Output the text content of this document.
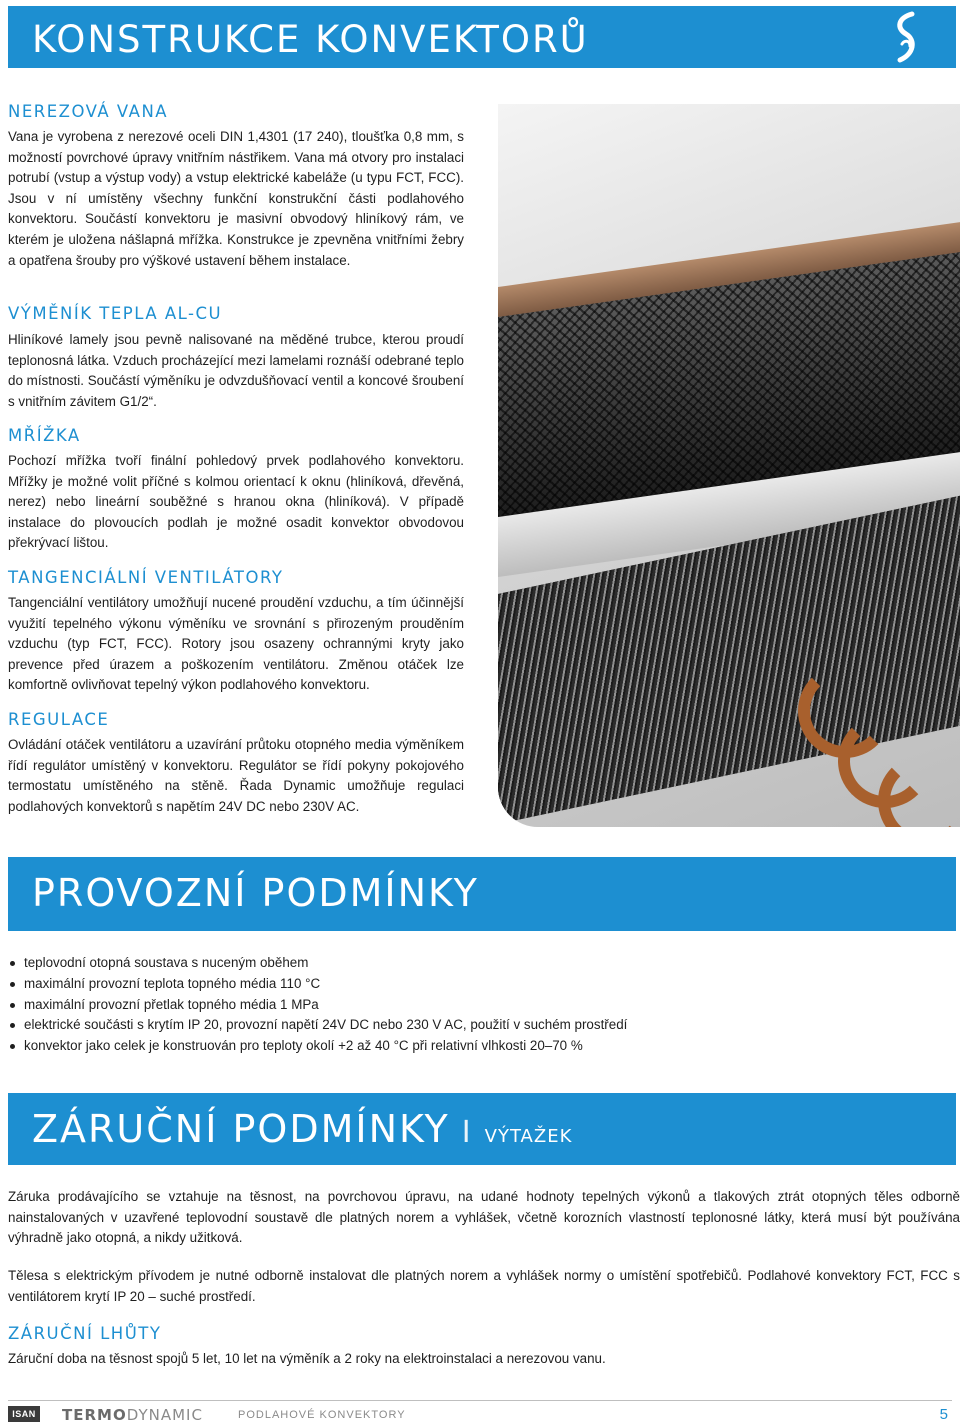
KONSTRUKCE KONVEKTORŮ
NEREZOVÁ VANA

Vana je vyrobena z nerezové oceli DIN 1,4301 (17 240), tloušťka 0,8 mm, s možností povrchové úpravy vnitřním nástřikem. Vana má otvory pro instalaci potrubí (vstup a výstup vody) a vstup elektrické kabeláže (u typu FCT, FCC). Jsou v ní umístěny všechny funkční konstrukční části podlahového konvektoru. Součástí konvektoru je masivní obvodový hliníkový rám, ve kterém je uložena nášlapná mřížka. Konstrukce je zpevněna vnitřními žebry a opatřena šrouby pro výškové ustavení během instalace.

VÝMĚNÍK TEPLA AL-CU

Hliníkové lamely jsou pevně nalisované na měděné trubce, kterou proudí teplonosná látka. Vzduch procházející mezi lamelami roznáší odebrané teplo do místnosti. Součástí výměníku je odvzdušňovací ventil a koncové šroubení s vnitřním závitem G1/2“.

MŘÍŽKA

Pochozí mřížka tvoří finální pohledový prvek podlahového konvektoru. Mřížky je možné volit příčné s kolmou orientací k oknu (hliníková, dřevěná, nerez) nebo lineární souběžné s hranou okna (hliníková). V případě instalace do plovoucích podlah je možné osadit konvektor obvodovou překrývací lištou.

TANGENCIÁLNÍ VENTILÁTORY

Tangenciální ventilátory umožňují nucené proudění vzduchu, a tím účinnější využití tepelného výkonu výměníku ve srovnání s přirozeným prouděním vzduchu (typ FCT, FCC). Rotory jsou osazeny ochrannými kryty jako prevence před úrazem a poškozením ventilátoru. Změnou otáček lze komfortně ovlivňovat tepelný výkon podlahového konvektoru.

REGULACE

Ovládání otáček ventilátoru a uzavírání průtoku otopného media výměníkem řídí regulátor umístěný v konvektoru. Regulátor se řídí pokyny pokojového termostatu umístěného na stěně. Řada Dynamic umožňuje regulaci podlahových konvektorů s napětím 24V DC nebo 230V AC.

PROVOZNÍ PODMÍNKY
teplovodní otopná soustava s nuceným oběhem
maximální provozní teplota topného média 110 °C
maximální provozní přetlak topného média 1 MPa
elektrické součásti s krytím IP 20, provozní napětí 24V DC nebo 230 V AC, použití v suchém prostředí
konvektor jako celek je konstruován pro teploty okolí +2 až 40 °C při relativní vlhkosti 20–70 %
ZÁRUČNÍ PODMÍNKY I VÝTAŽEK

Záruka prodávajícího se vztahuje na těsnost, na povrchovou úpravu, na udané hodnoty tepelných výkonů a tlakových ztrát otopných těles odborně nainstalovaných v uzavřené teplovodní soustavě dle platných norem a vyhlášek, včetně korozních vlastností teplonosné látky, která musí být používána výhradně jako otopná, a nikdy užitková.

Tělesa s elektrickým přívodem je nutné odborně instalovat dle platných norem a vyhlášek normy o umístění spotřebičů. Podlahové konvektory FCT, FCC s ventilátorem krytí IP 20 – suché prostředí.

ZÁRUČNÍ LHŮTY

Záruční doba na těsnost spojů 5 let, 10 let na výměník a 2 roky na elektroinstalaci a nerezovou vanu.

ISAN TERMODYNAMIC	PODLAHOVÉ KONVEKTORY	5
